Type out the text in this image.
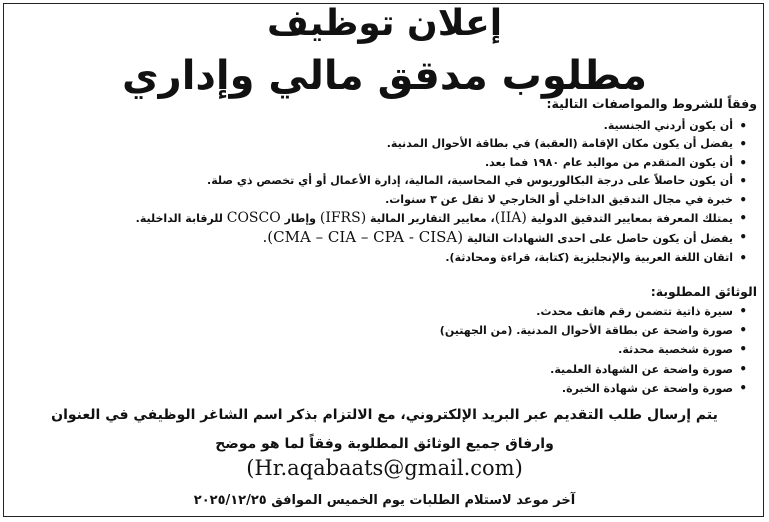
إعلان توظيف
مطلوب مدقق مالي وإداري
وفقاً للشروط والمواصفات التالية:
• أن يكون أردني الجنسية.
• يفضل أن يكون مكان الإقامة (العقبة) في بطاقة الأحوال المدنية.
• أن يكون المتقدم من مواليد عام ١٩٨٠ فما بعد.
• أن يكون حاصلاً على درجة البكالوريوس في المحاسبة، المالية، إدارة الأعمال أو أي تخصص ذي صلة.
• خبرة في مجال التدقيق الداخلي أو الخارجي لا تقل عن ٣ سنوات.
• يمتلك المعرفة بمعايير التدقيق الدولية (IIA)، معايير التقارير المالية (IFRS) وإطار COSCO للرقابة الداخلية.
• يفضل أن يكون حاصل على احدى الشهادات التالية (CMA – CIA – CPA - CISA).
• اتقان اللغة العربية والإنجليزية (كتابة، قراءة ومحادثة).
الوثائق المطلوبة:
• سيرة ذاتية تتضمن رقم هاتف محدث.
• صورة واضحة عن بطاقة الأحوال المدنية. (من الجهتين)
• صورة شخصية محدثة.
• صورة واضحة عن الشهادة العلمية.
• صورة واضحة عن شهادة الخبرة.
يتم إرسال طلب التقديم عبر البريد الإلكتروني، مع الالتزام بذكر اسم الشاغر الوظيفي في العنوان
وارفاق جميع الوثائق المطلوبة وفقاً لما هو موضح
(Hr.aqabaats@gmail.com)
آخر موعد لاستلام الطلبات يوم الخميس الموافق ٢٠٢٥/١٢/٢٥
